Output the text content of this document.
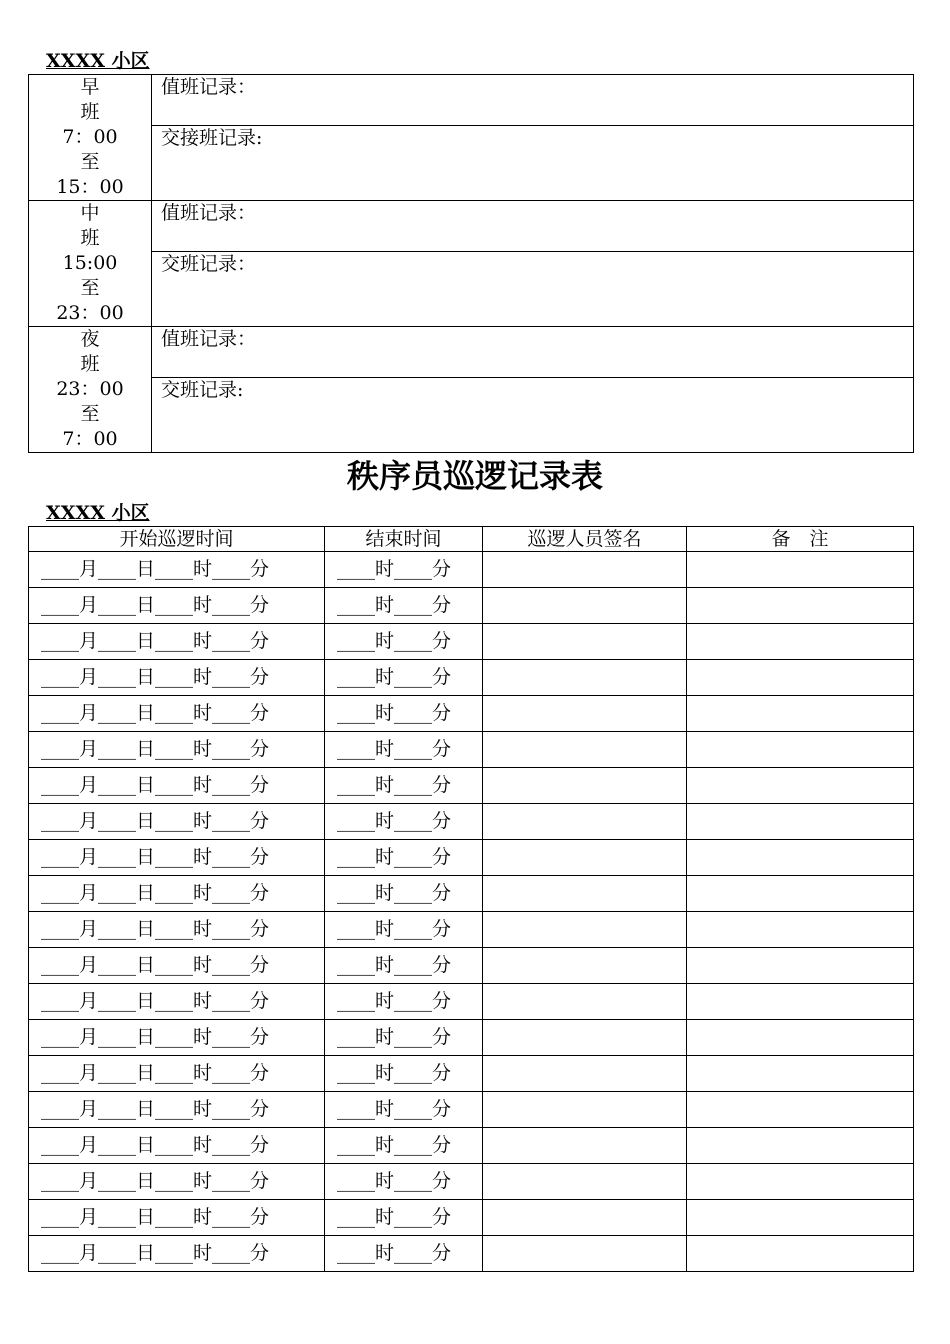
XXXX 小区
早
班
7：00
至
15：00	值班记录：
	交接班记录:

中
班
15:00
至
23：00	值班记录：
	交班记录：

夜
班
23：00
至
7：00	值班记录：
	交班记录:
秩序员巡逻记录表
XXXX 小区
开始巡逻时间	结束时间	巡逻人员签名	备　注
____月____日____时____分	____时____分		
____月____日____时____分	____时____分		
____月____日____时____分	____时____分		
____月____日____时____分	____时____分		
____月____日____时____分	____时____分		
____月____日____时____分	____时____分		
____月____日____时____分	____时____分		
____月____日____时____分	____时____分		
____月____日____时____分	____时____分		
____月____日____时____分	____时____分		
____月____日____时____分	____时____分		
____月____日____时____分	____时____分		
____月____日____时____分	____时____分		
____月____日____时____分	____时____分		
____月____日____时____分	____时____分		
____月____日____时____分	____时____分		
____月____日____时____分	____时____分		
____月____日____时____分	____时____分		
____月____日____时____分	____时____分		
____月____日____时____分	____时____分		
